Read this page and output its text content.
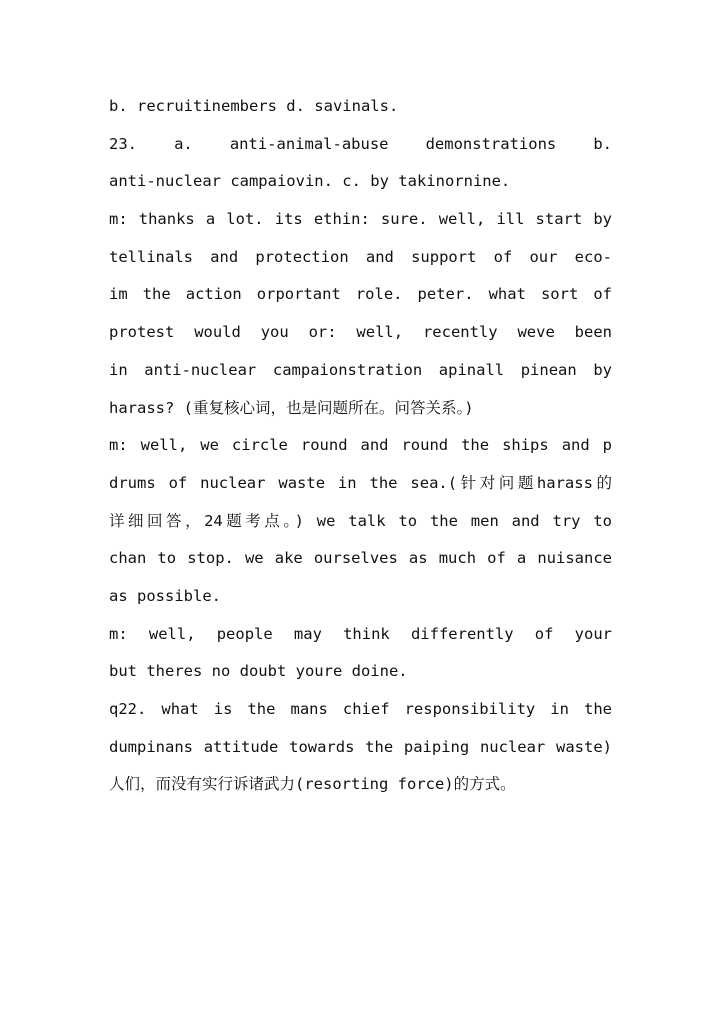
b. recruitinembers d. savinals.
23. a. anti-animal-abuse demonstrations b.
anti-nuclear campaiovin. c. by takinornine.
m: thanks a lot. its ethin: sure. well, ill start by
tellinals and protection and support of our eco-
im the action orportant role. peter. what sort of
protest would you or: well, recently weve been
in anti-nuclear campaionstration apinall pinean by
harass? (重复核心词，也是问题所在。问答关系。)
m: well, we circle round and round the ships and p
drums of nuclear waste in the sea.(针对问题harass的
详细回答，24题考点。) we talk to the men and try to
chan to stop. we ake ourselves as much of a nuisance
as possible.
m: well, people may think differently of your
but theres no doubt youre doine.
q22. what is the mans chief responsibility in the
dumpinans attitude towards the paiping nuclear waste)
人们，而没有实行诉诸武力(resorting force)的方式。
